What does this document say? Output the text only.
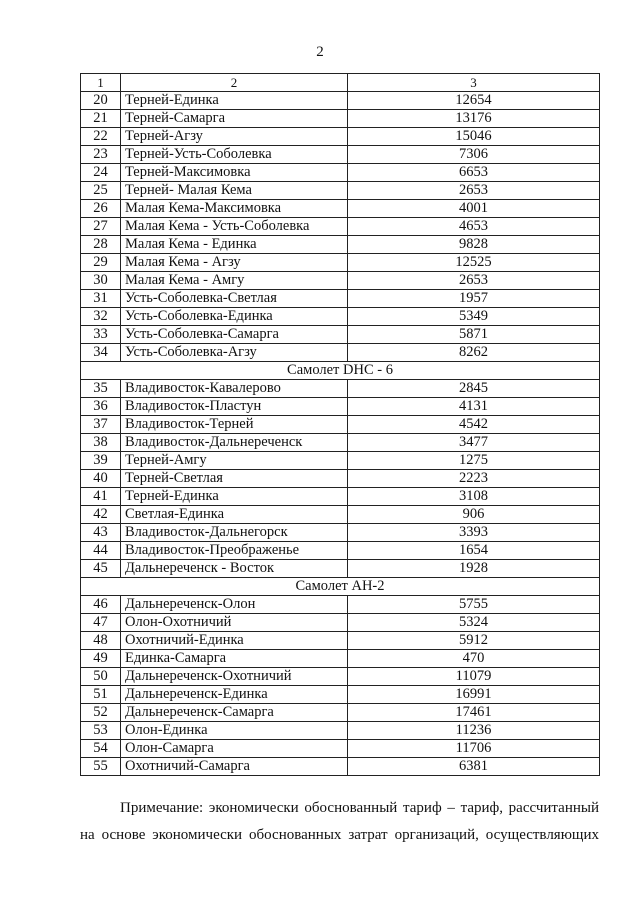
2
1	2	3
20	Терней-Единка	12654
21	Терней-Самарга	13176
22	Терней-Агзу	15046
23	Терней-Усть-Соболевка	7306
24	Терней-Максимовка	6653
25	Терней- Малая Кема	2653
26	Малая Кема-Максимовка	4001
27	Малая Кема - Усть-Соболевка	4653
28	Малая Кема - Единка	9828
29	Малая Кема - Агзу	12525
30	Малая Кема - Амгу	2653
31	Усть-Соболевка-Светлая	1957
32	Усть-Соболевка-Единка	5349
33	Усть-Соболевка-Самарга	5871
34	Усть-Соболевка-Агзу	8262
Самолет DHC - 6		
35	Владивосток-Кавалерово	2845
36	Владивосток-Пластун	4131
37	Владивосток-Терней	4542
38	Владивосток-Дальнереченск	3477
39	Терней-Амгу	1275
40	Терней-Светлая	2223
41	Терней-Единка	3108
42	Светлая-Единка	906
43	Владивосток-Дальнегорск	3393
44	Владивосток-Преображенье	1654
45	Дальнереченск - Восток	1928
Самолет АН-2		
46	Дальнереченск-Олон	5755
47	Олон-Охотничий	5324
48	Охотничий-Единка	5912
49	Единка-Самарга	470
50	Дальнереченск-Охотничий	11079
51	Дальнереченск-Единка	16991
52	Дальнереченск-Самарга	17461
53	Олон-Единка	11236
54	Олон-Самарга	11706
55	Охотничий-Самарга	6381

Примечание: экономически обоснованный тариф – тариф, рассчитанный
на основе экономически обоснованных затрат организаций, осуществляющих
